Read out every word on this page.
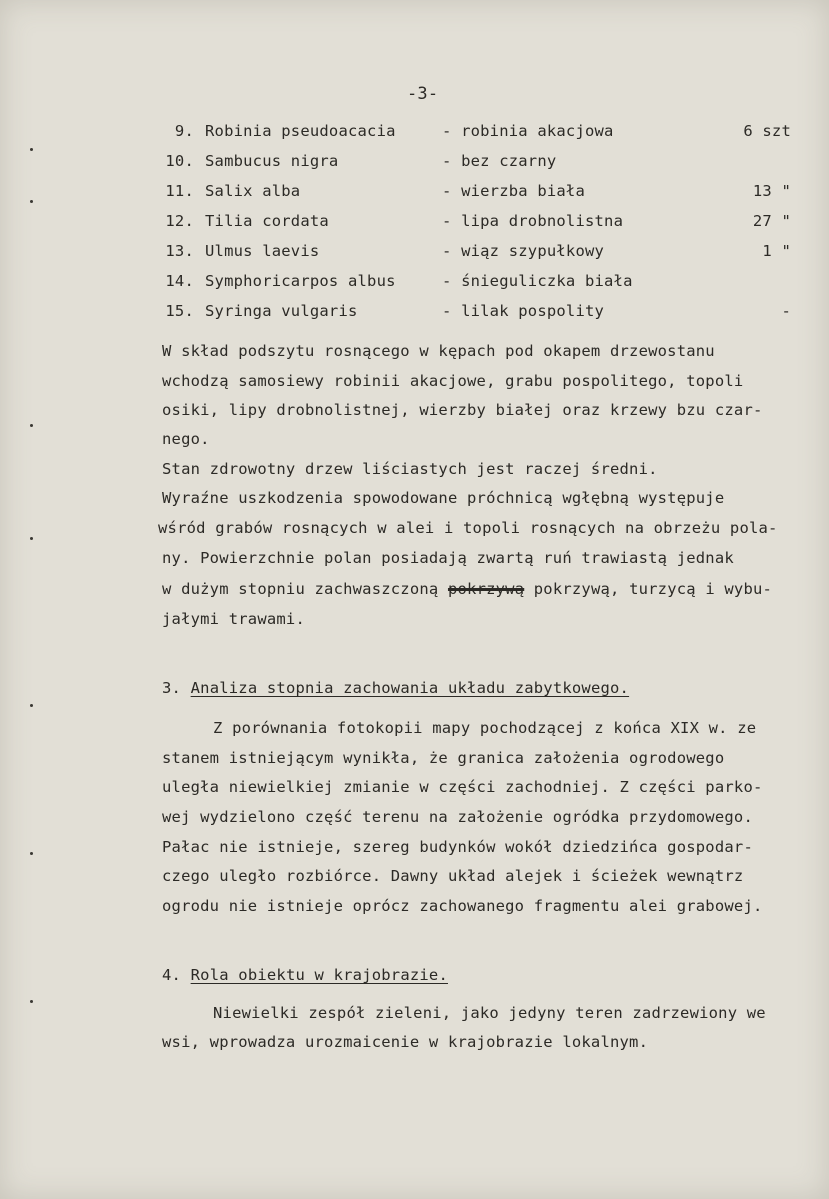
-3-
9. Robinia pseudoacacia	- robinia akacjowa	6 szt
10. Sambucus nigra	- bez czarny
11. Salix alba	- wierzba biała	13 "
12. Tilia cordata	- lipa drobnolistna	27 "
13. Ulmus laevis	- wiąz szypułkowy	1 "
14. Symphoricarpos albus	- śnieguliczka biała
15. Syringa vulgaris	- lilak pospolity	-
W skład podszytu rosnącego w kępach pod okapem drzewostanu
wchodzą samosiewy robinii akacjowe, grabu pospolitego, topoli
osiki, lipy drobnolistnej, wierzby białej oraz krzewy bzu czar-
nego.
Stan zdrowotny drzew liściastych jest raczej średni.
Wyraźne uszkodzenia spowodowane próchnicą wgłębną występuje
wśród grabów rosnących w alei i topoli rosnących na obrzeżu pola-
ny. Powierzchnie polan posiadają zwartą ruń trawiastą jednak
w dużym stopniu zachwaszczoną pokrzywą pokrzywą, turzycą i wybu-
jałymi trawami.
3. Analiza stopnia zachowania układu zabytkowego.
Z porównania fotokopii mapy pochodzącej z końca XIX w. ze
stanem istniejącym wynikła, że granica założenia ogrodowego
uległa niewielkiej zmianie w części zachodniej. Z części parko-
wej wydzielono część terenu na założenie ogródka przydomowego.
Pałac nie istnieje, szereg budynków wokół dziedzińca gospodar-
czego uległo rozbiórce. Dawny układ alejek i ścieżek wewnątrz
ogrodu nie istnieje oprócz zachowanego fragmentu alei grabowej.
4. Rola obiektu w krajobrazie.
Niewielki zespół zieleni, jako jedyny teren zadrzewiony we
wsi, wprowadza urozmaicenie w krajobrazie lokalnym.
